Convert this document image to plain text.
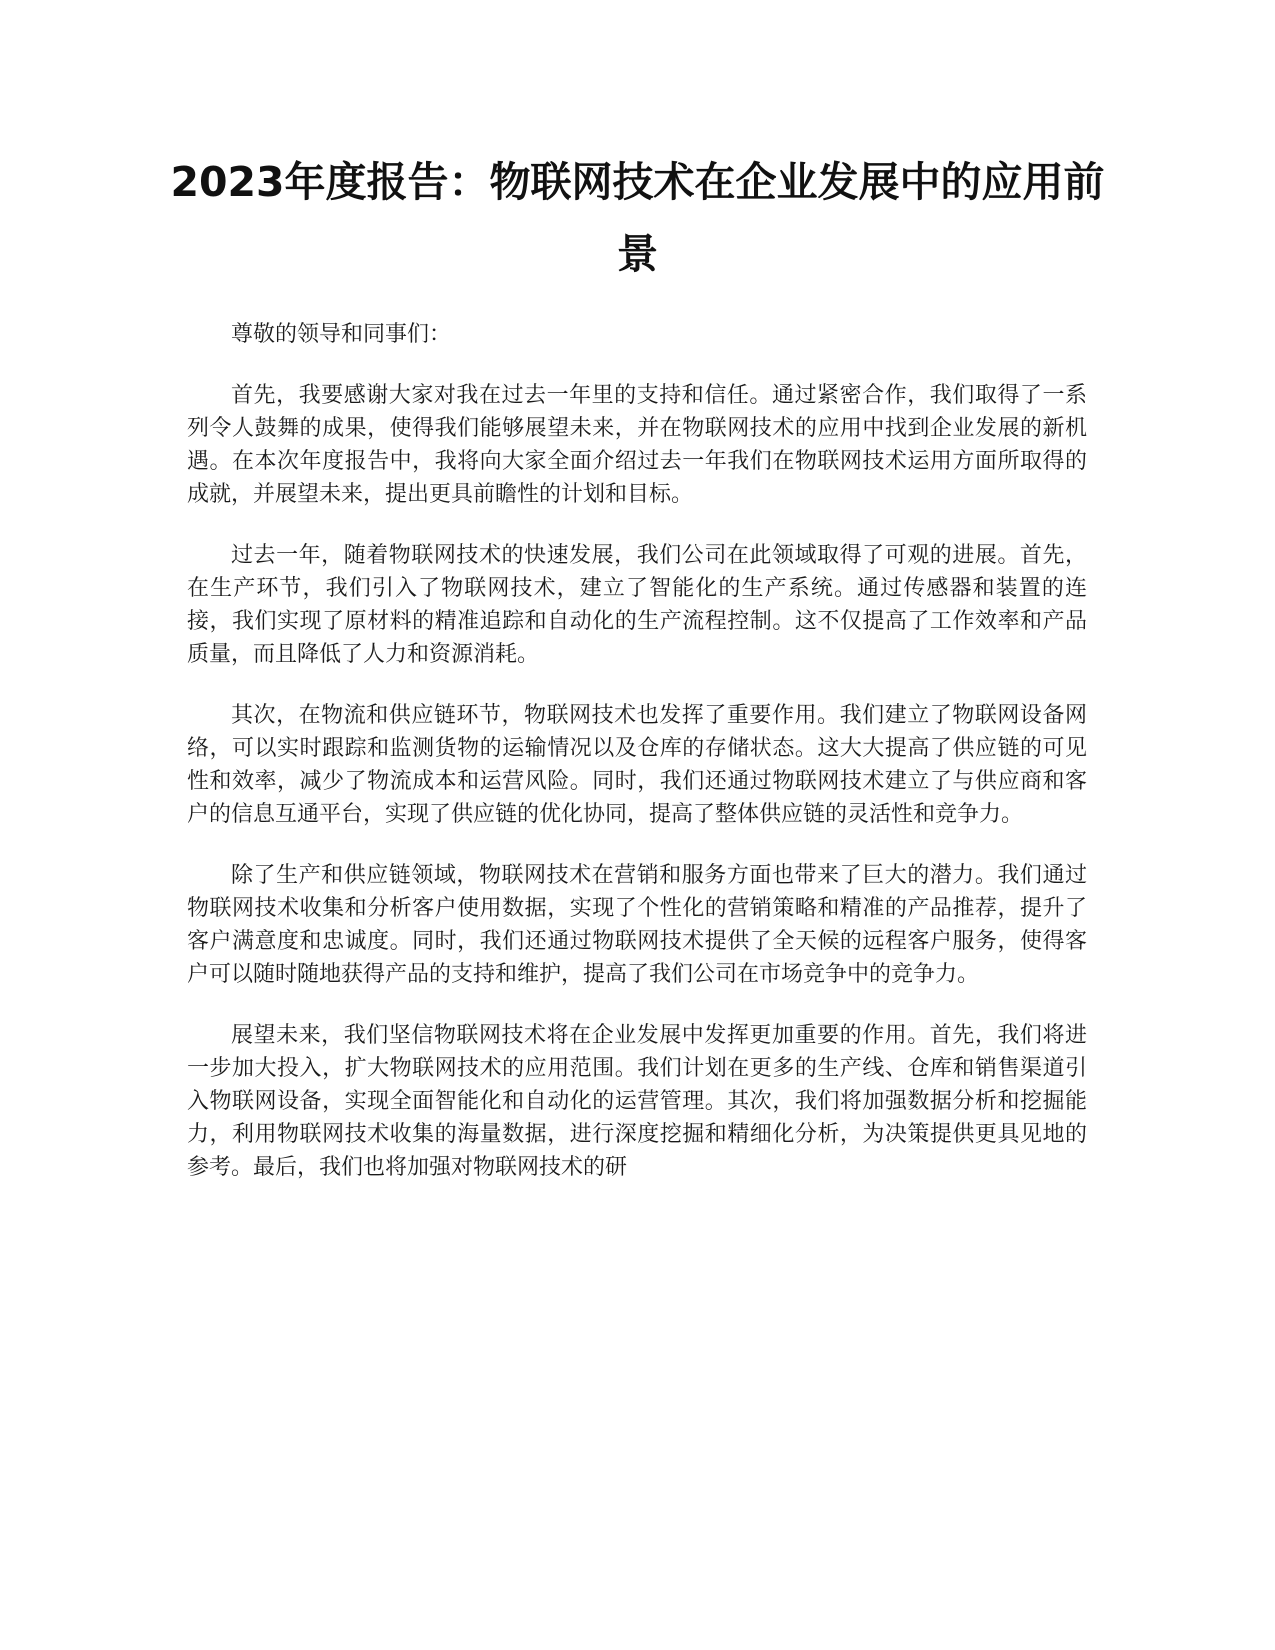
2023年度报告：物联网技术在企业发展中的应用前景

尊敬的领导和同事们：

首先，我要感谢大家对我在过去一年里的支持和信任。通过紧密合作，我们取得了一系列令人鼓舞的成果，使得我们能够展望未来，并在物联网技术的应用中找到企业发展的新机遇。在本次年度报告中，我将向大家全面介绍过去一年我们在物联网技术运用方面所取得的成就，并展望未来，提出更具前瞻性的计划和目标。

过去一年，随着物联网技术的快速发展，我们公司在此领域取得了可观的进展。首先，在生产环节，我们引入了物联网技术，建立了智能化的生产系统。通过传感器和装置的连接，我们实现了原材料的精准追踪和自动化的生产流程控制。这不仅提高了工作效率和产品质量，而且降低了人力和资源消耗。

其次，在物流和供应链环节，物联网技术也发挥了重要作用。我们建立了物联网设备网络，可以实时跟踪和监测货物的运输情况以及仓库的存储状态。这大大提高了供应链的可见性和效率，减少了物流成本和运营风险。同时，我们还通过物联网技术建立了与供应商和客户的信息互通平台，实现了供应链的优化协同，提高了整体供应链的灵活性和竞争力。

除了生产和供应链领域，物联网技术在营销和服务方面也带来了巨大的潜力。我们通过物联网技术收集和分析客户使用数据，实现了个性化的营销策略和精准的产品推荐，提升了客户满意度和忠诚度。同时，我们还通过物联网技术提供了全天候的远程客户服务，使得客户可以随时随地获得产品的支持和维护，提高了我们公司在市场竞争中的竞争力。

展望未来，我们坚信物联网技术将在企业发展中发挥更加重要的作用。首先，我们将进一步加大投入，扩大物联网技术的应用范围。我们计划在更多的生产线、仓库和销售渠道引入物联网设备，实现全面智能化和自动化的运营管理。其次，我们将加强数据分析和挖掘能力，利用物联网技术收集的海量数据，进行深度挖掘和精细化分析，为决策提供更具见地的参考。最后，我们也将加强对物联网技术的研
